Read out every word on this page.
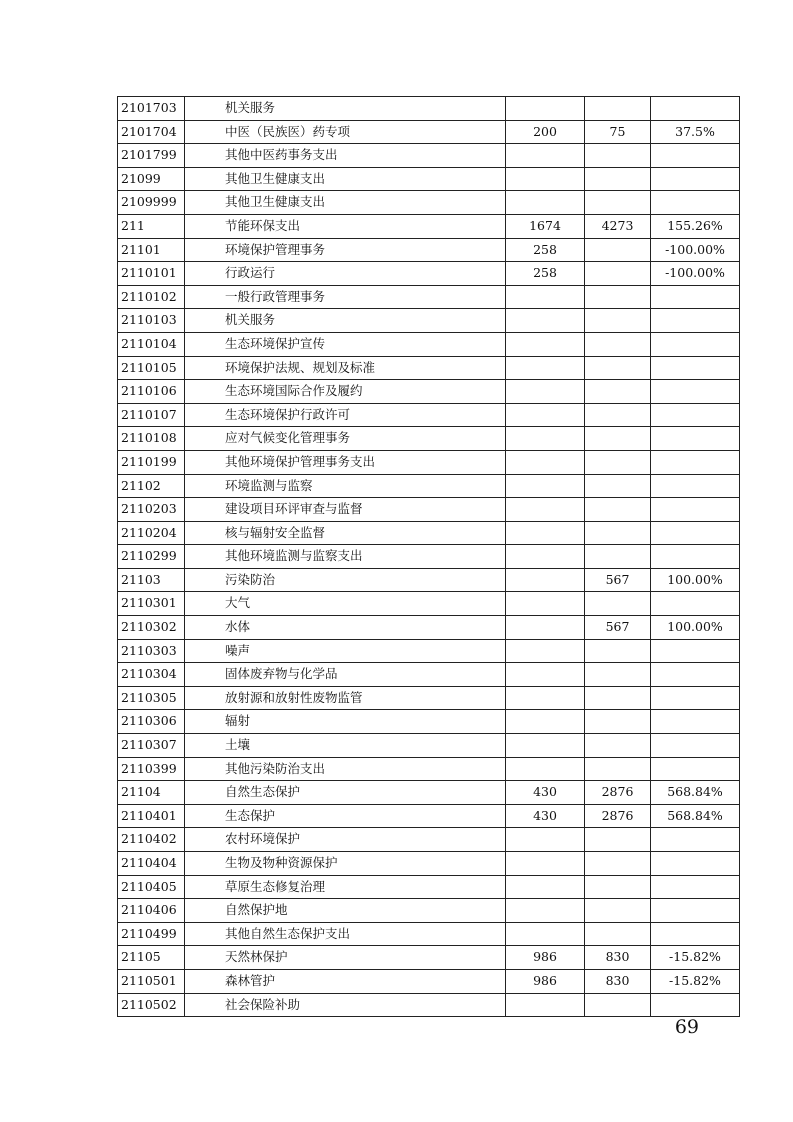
2101703	机关服务			
2101704	中医（民族医）药专项	200	75	37.5%
2101799	其他中医药事务支出			
21099	其他卫生健康支出			
2109999	其他卫生健康支出			
211	节能环保支出	1674	4273	155.26%
21101	环境保护管理事务	258		-100.00%
2110101	行政运行	258		-100.00%
2110102	一般行政管理事务			
2110103	机关服务			
2110104	生态环境保护宣传			
2110105	环境保护法规、规划及标准			
2110106	生态环境国际合作及履约			
2110107	生态环境保护行政许可			
2110108	应对气候变化管理事务			
2110199	其他环境保护管理事务支出			
21102	环境监测与监察			
2110203	建设项目环评审查与监督			
2110204	核与辐射安全监督			
2110299	其他环境监测与监察支出			
21103	污染防治		567	100.00%
2110301	大气			
2110302	水体		567	100.00%
2110303	噪声			
2110304	固体废弃物与化学品			
2110305	放射源和放射性废物监管			
2110306	辐射			
2110307	土壤			
2110399	其他污染防治支出			
21104	自然生态保护	430	2876	568.84%
2110401	生态保护	430	2876	568.84%
2110402	农村环境保护			
2110404	生物及物种资源保护			
2110405	草原生态修复治理			
2110406	自然保护地			
2110499	其他自然生态保护支出			
21105	天然林保护	986	830	-15.82%
2110501	森林管护	986	830	-15.82%
2110502	社会保险补助			
69
